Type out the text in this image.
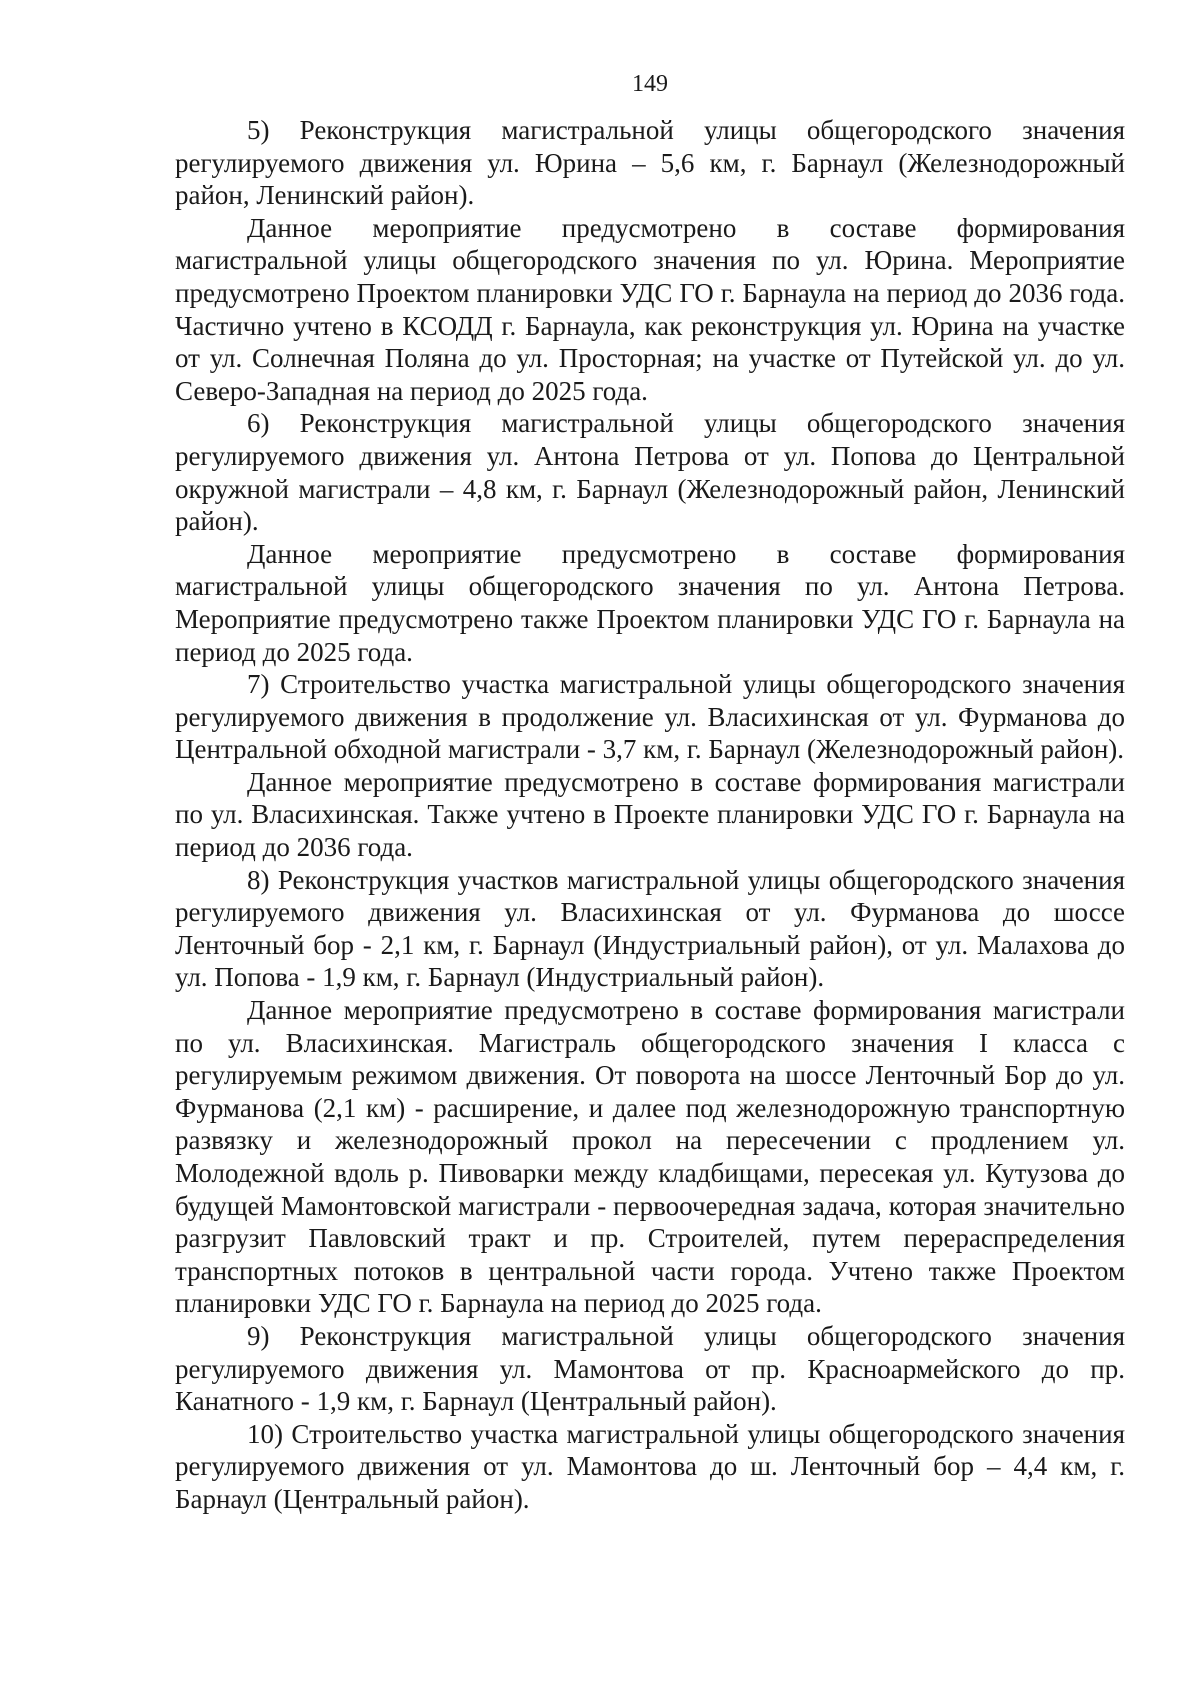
149

5) Реконструкция магистральной улицы общегородского значения регулируемого движения ул. Юрина – 5,6 км, г. Барнаул (Железнодорожный район, Ленинский район).

Данное мероприятие предусмотрено в составе формирования магистральной улицы общегородского значения по ул. Юрина. Мероприятие предусмотрено Проектом планировки УДС ГО г. Барнаула на период до 2036 года. Частично учтено в КСОДД г. Барнаула, как реконструкция ул. Юрина на участке от ул. Солнечная Поляна до ул. Просторная; на участке от Путейской ул. до ул. Северо-Западная на период до 2025 года.

6) Реконструкция магистральной улицы общегородского значения регулируемого движения ул. Антона Петрова от ул. Попова до Центральной окружной магистрали – 4,8 км, г. Барнаул (Железнодорожный район, Ленинский район).

Данное мероприятие предусмотрено в составе формирования магистральной улицы общегородского значения по ул. Антона Петрова. Мероприятие предусмотрено также Проектом планировки УДС ГО г. Барнаула на период до 2025 года.

7) Строительство участка магистральной улицы общегородского значения регулируемого движения в продолжение ул. Власихинская от ул. Фурманова до Центральной обходной магистрали - 3,7 км, г. Барнаул (Железнодорожный район).

Данное мероприятие предусмотрено в составе формирования магистрали по ул. Власихинская. Также учтено в Проекте планировки УДС ГО г. Барнаула на период до 2036 года.

8) Реконструкция участков магистральной улицы общегородского значения регулируемого движения ул. Власихинская от ул. Фурманова до шоссе Ленточный бор - 2,1 км, г. Барнаул (Индустриальный район), от ул. Малахова до ул. Попова - 1,9 км, г. Барнаул (Индустриальный район).

Данное мероприятие предусмотрено в составе формирования магистрали по ул. Власихинская. Магистраль общегородского значения I класса с регулируемым режимом движения. От поворота на шоссе Ленточный Бор до ул. Фурманова (2,1 км) - расширение, и далее под железнодорожную транспортную развязку и железнодорожный прокол на пересечении с продлением ул. Молодежной вдоль р. Пивоварки между кладбищами, пересекая ул. Кутузова до будущей Мамонтовской магистрали - первоочередная задача, которая значительно разгрузит Павловский тракт и пр. Строителей, путем перераспределения транспортных потоков в центральной части города. Учтено также Проектом планировки УДС ГО г. Барнаула на период до 2025 года.

9) Реконструкция магистральной улицы общегородского значения регулируемого движения ул. Мамонтова от пр. Красноармейского до пр. Канатного - 1,9 км, г. Барнаул (Центральный район).

10) Строительство участка магистральной улицы общегородского значения регулируемого движения от ул. Мамонтова до ш. Ленточный бор – 4,4 км, г. Барнаул (Центральный район).
